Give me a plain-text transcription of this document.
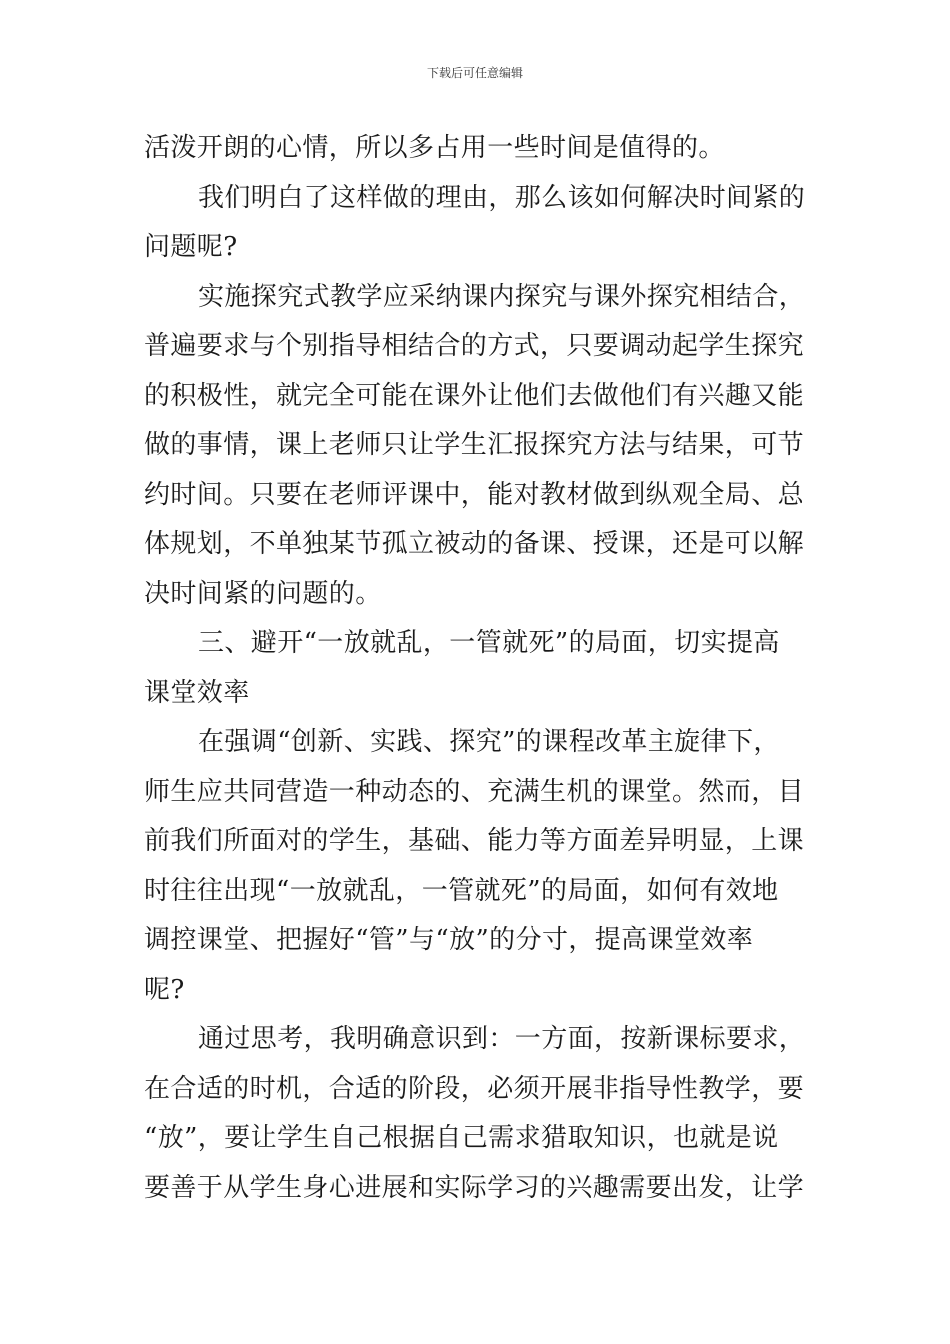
下载后可任意编辑
活泼开朗的心情，所以多占用一些时间是值得的。
我们明白了这样做的理由，那么该如何解决时间紧的
问题呢?
实施探究式教学应采纳课内探究与课外探究相结合，
普遍要求与个别指导相结合的方式，只要调动起学生探究
的积极性，就完全可能在课外让他们去做他们有兴趣又能
做的事情，课上老师只让学生汇报探究方法与结果，可节
约时间。只要在老师评课中，能对教材做到纵观全局、总
体规划，不单独某节孤立被动的备课、授课，还是可以解
决时间紧的问题的。
三、避开“一放就乱，一管就死”的局面，切实提高
课堂效率
在强调“创新、实践、探究”的课程改革主旋律下，
师生应共同营造一种动态的、充满生机的课堂。然而，目
前我们所面对的学生，基础、能力等方面差异明显，上课
时往往出现“一放就乱，一管就死”的局面，如何有效地
调控课堂、把握好“管”与“放”的分寸，提高课堂效率
呢?
通过思考，我明确意识到：一方面，按新课标要求，
在合适的时机，合适的阶段，必须开展非指导性教学，要
“放”，要让学生自己根据自己需求猎取知识，也就是说
要善于从学生身心进展和实际学习的兴趣需要出发，让学
